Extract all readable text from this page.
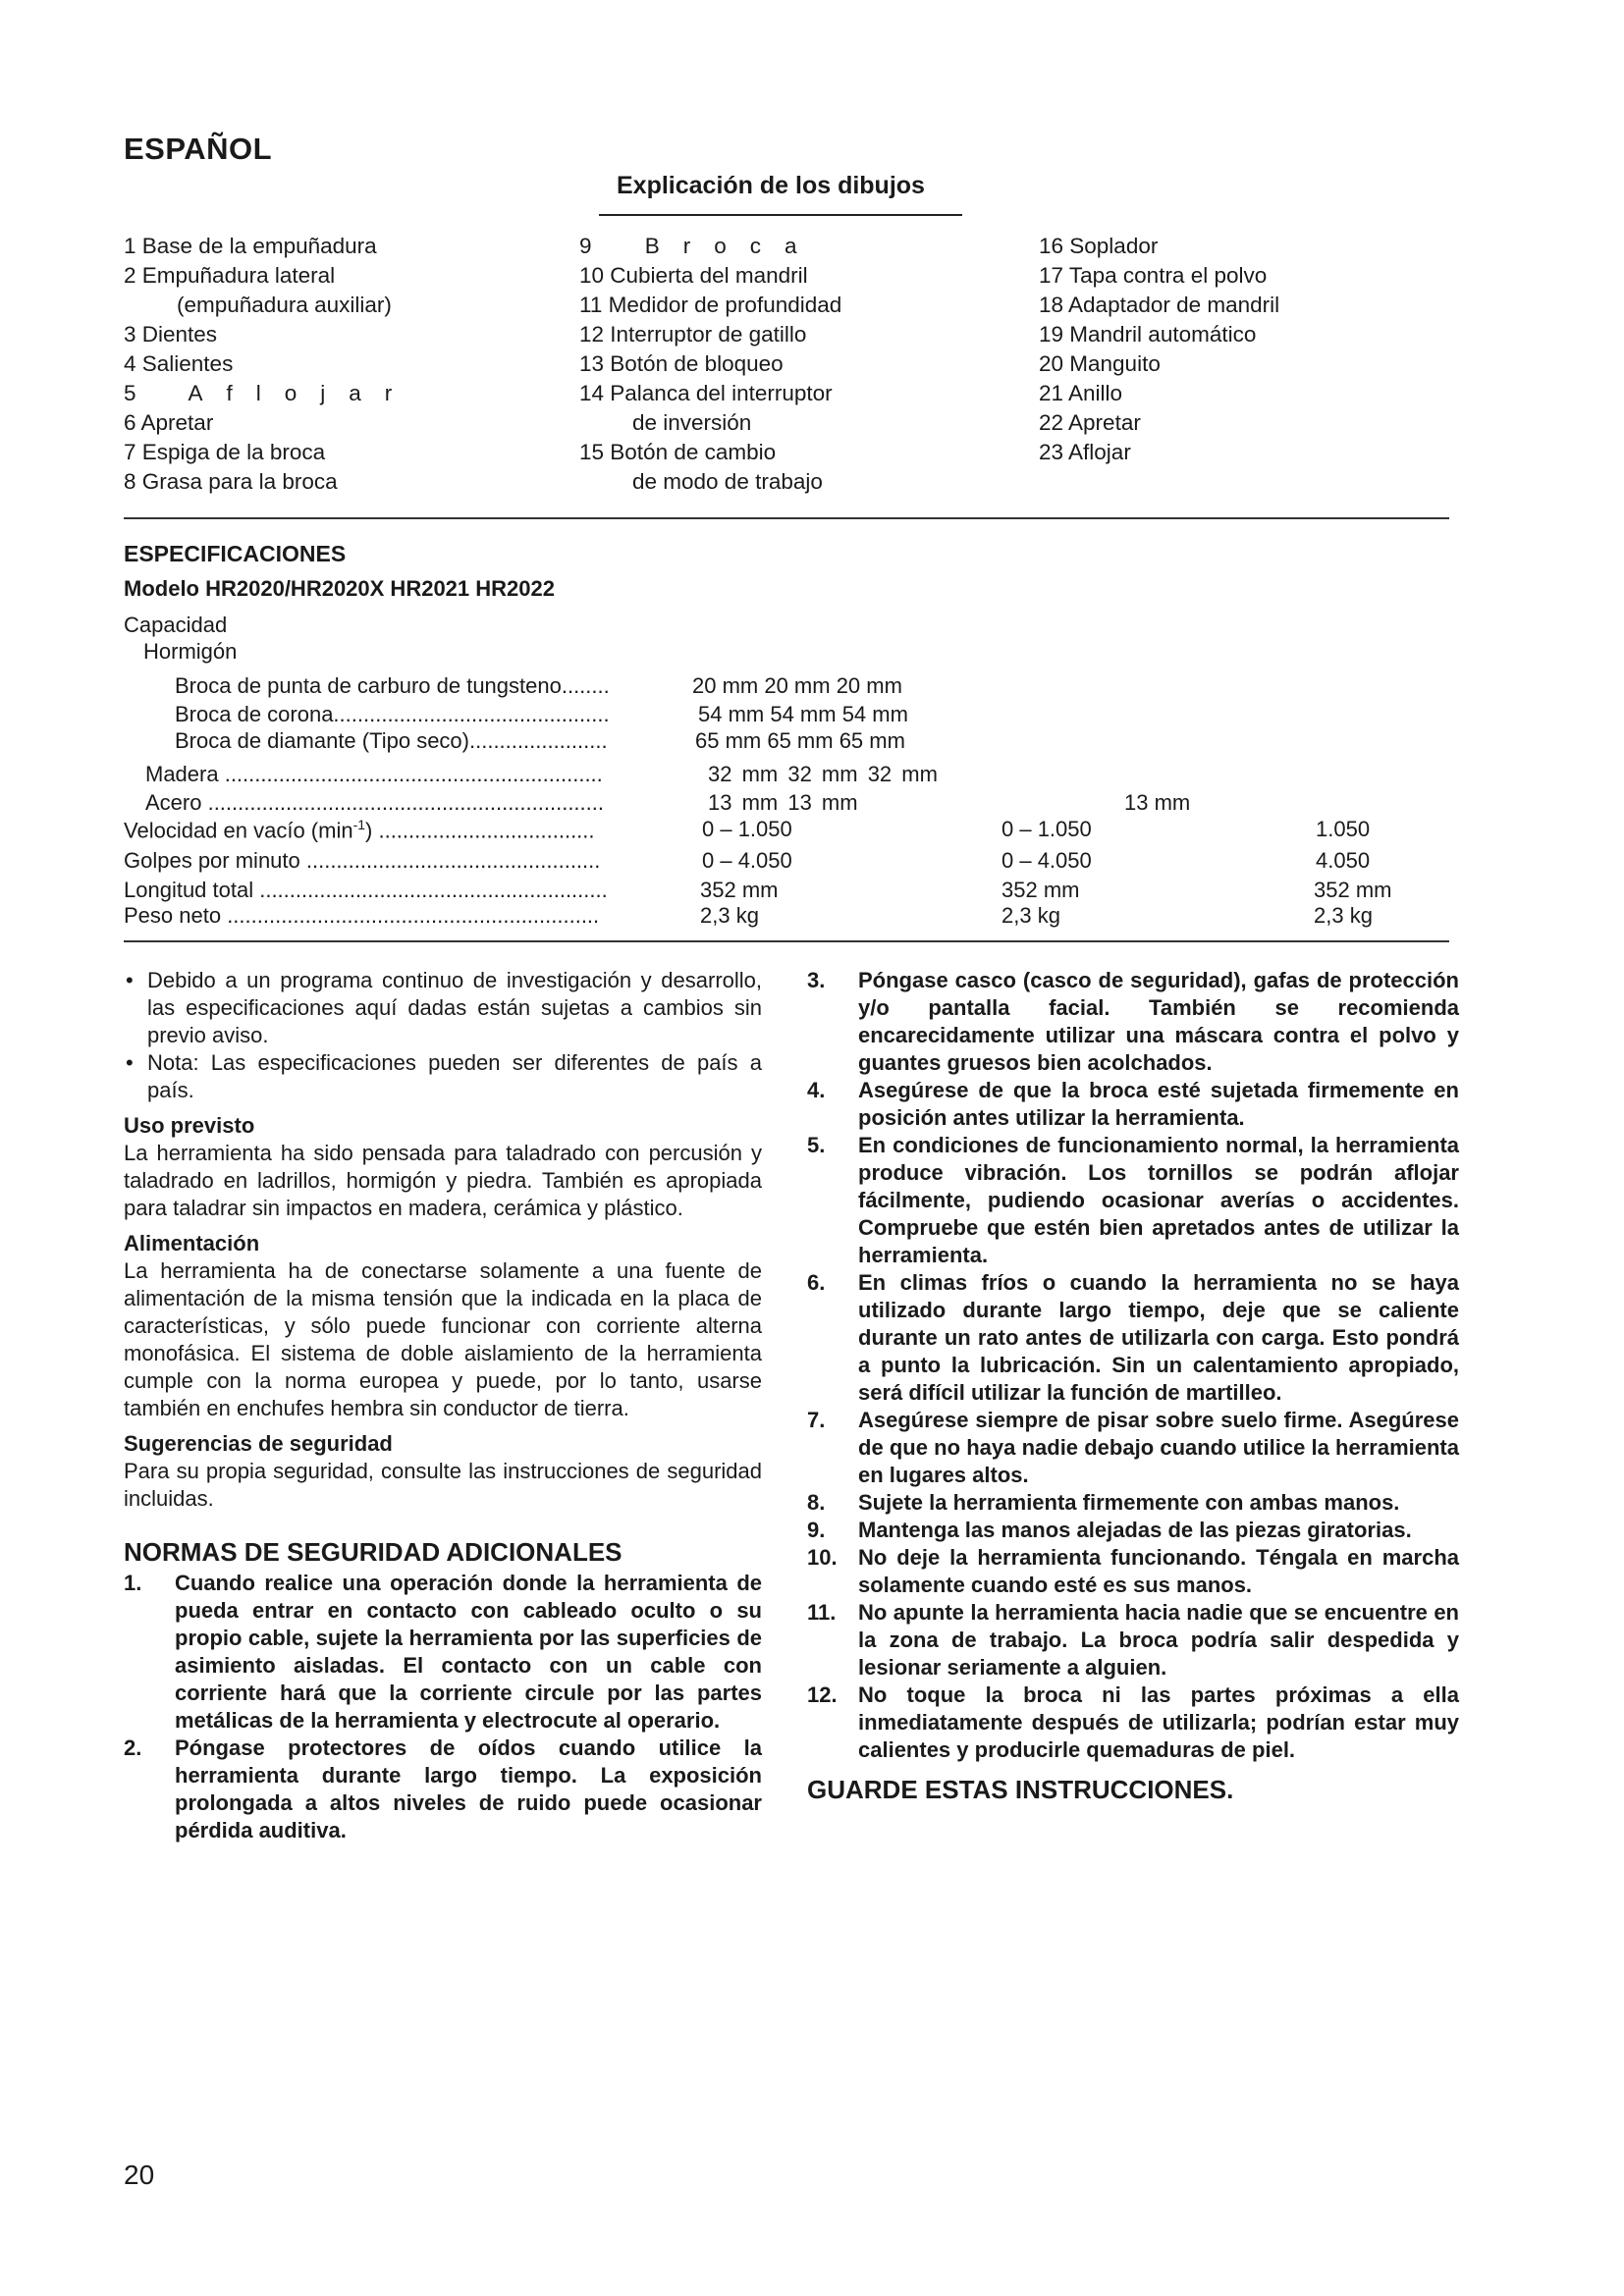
ESPAÑOL
Explicación de los dibujos
1 Base de la empuñadura
2 Empuñadura lateral
(empuñadura auxiliar)
3 Dientes
4 Salientes
5 Aflojar
6 Apretar
7 Espiga de la broca
8 Grasa para la broca
9 Broca
10 Cubierta del mandril
11 Medidor de profundidad
12 Interruptor de gatillo
13 Botón de bloqueo
14 Palanca del interruptor
de inversión
15 Botón de cambio
de modo de trabajo
16 Soplador
17 Tapa contra el polvo
18 Adaptador de mandril
19 Mandril automático
20 Manguito
21 Anillo
22 Apretar
23 Aflojar
ESPECIFICACIONES
Modelo HR2020/HR2020X HR2021 HR2022
Capacidad
Hormigón
Broca de punta de carburo de tungsteno........	20 mm 20 mm 20 mm
Broca de corona..............................................	54 mm 54 mm 54 mm
Broca de diamante (Tipo seco).......................	65 mm 65 mm 65 mm
Madera ...............................................................	32 mm 32 mm 32 mm
Acero ..................................................................	13 mm 13 mm	13 mm
Velocidad en vacío $(\min^{-1})$ ....................................	0 – 1.050	0 – 1.050	1.050
Golpes por minuto .................................................	0 – 4.050	0 – 4.050	4.050
Longitud total ..........................................................	352 mm	352 mm	352 mm
Peso neto ..............................................................	2,3 kg	2,3 kg	2,3 kg
• Debido a un programa continuo de investigación y desarrollo, las especificaciones aquí dadas están sujetas a cambios sin previo aviso.
• Nota: Las especificaciones pueden ser diferentes de país a país.
Uso previsto
La herramienta ha sido pensada para taladrado con percusión y taladrado en ladrillos, hormigón y piedra. También es apropiada para taladrar sin impactos en madera, cerámica y plástico.
Alimentación
La herramienta ha de conectarse solamente a una fuente de alimentación de la misma tensión que la indicada en la placa de características, y sólo puede funcionar con corriente alterna monofásica. El sistema de doble aislamiento de la herramienta cumple con la norma europea y puede, por lo tanto, usarse también en enchufes hembra sin conductor de tierra.
Sugerencias de seguridad
Para su propia seguridad, consulte las instrucciones de seguridad incluidas.
NORMAS DE SEGURIDAD ADICIONALES
1. Cuando realice una operación donde la herramienta de pueda entrar en contacto con cableado oculto o su propio cable, sujete la herramienta por las superficies de asimiento aisladas. El contacto con un cable con corriente hará que la corriente circule por las partes metálicas de la herramienta y electrocute al operario.
2. Póngase protectores de oídos cuando utilice la herramienta durante largo tiempo. La exposición prolongada a altos niveles de ruido puede ocasionar pérdida auditiva.
3. Póngase casco (casco de seguridad), gafas de protección y/o pantalla facial. También se recomienda encarecidamente utilizar una máscara contra el polvo y guantes gruesos bien acolchados.
4. Asegúrese de que la broca esté sujetada firmemente en posición antes utilizar la herramienta.
5. En condiciones de funcionamiento normal, la herramienta produce vibración. Los tornillos se podrán aflojar fácilmente, pudiendo ocasionar averías o accidentes. Compruebe que estén bien apretados antes de utilizar la herramienta.
6. En climas fríos o cuando la herramienta no se haya utilizado durante largo tiempo, deje que se caliente durante un rato antes de utilizarla con carga. Esto pondrá a punto la lubricación. Sin un calentamiento apropiado, será difícil utilizar la función de martilleo.
7. Asegúrese siempre de pisar sobre suelo firme. Asegúrese de que no haya nadie debajo cuando utilice la herramienta en lugares altos.
8. Sujete la herramienta firmemente con ambas manos.
9. Mantenga las manos alejadas de las piezas giratorias.
10. No deje la herramienta funcionando. Téngala en marcha solamente cuando esté es sus manos.
11. No apunte la herramienta hacia nadie que se encuentre en la zona de trabajo. La broca podría salir despedida y lesionar seriamente a alguien.
12. No toque la broca ni las partes próximas a ella inmediatamente después de utilizarla; podrían estar muy calientes y producirle quemaduras de piel.
GUARDE ESTAS INSTRUCCIONES.
20
